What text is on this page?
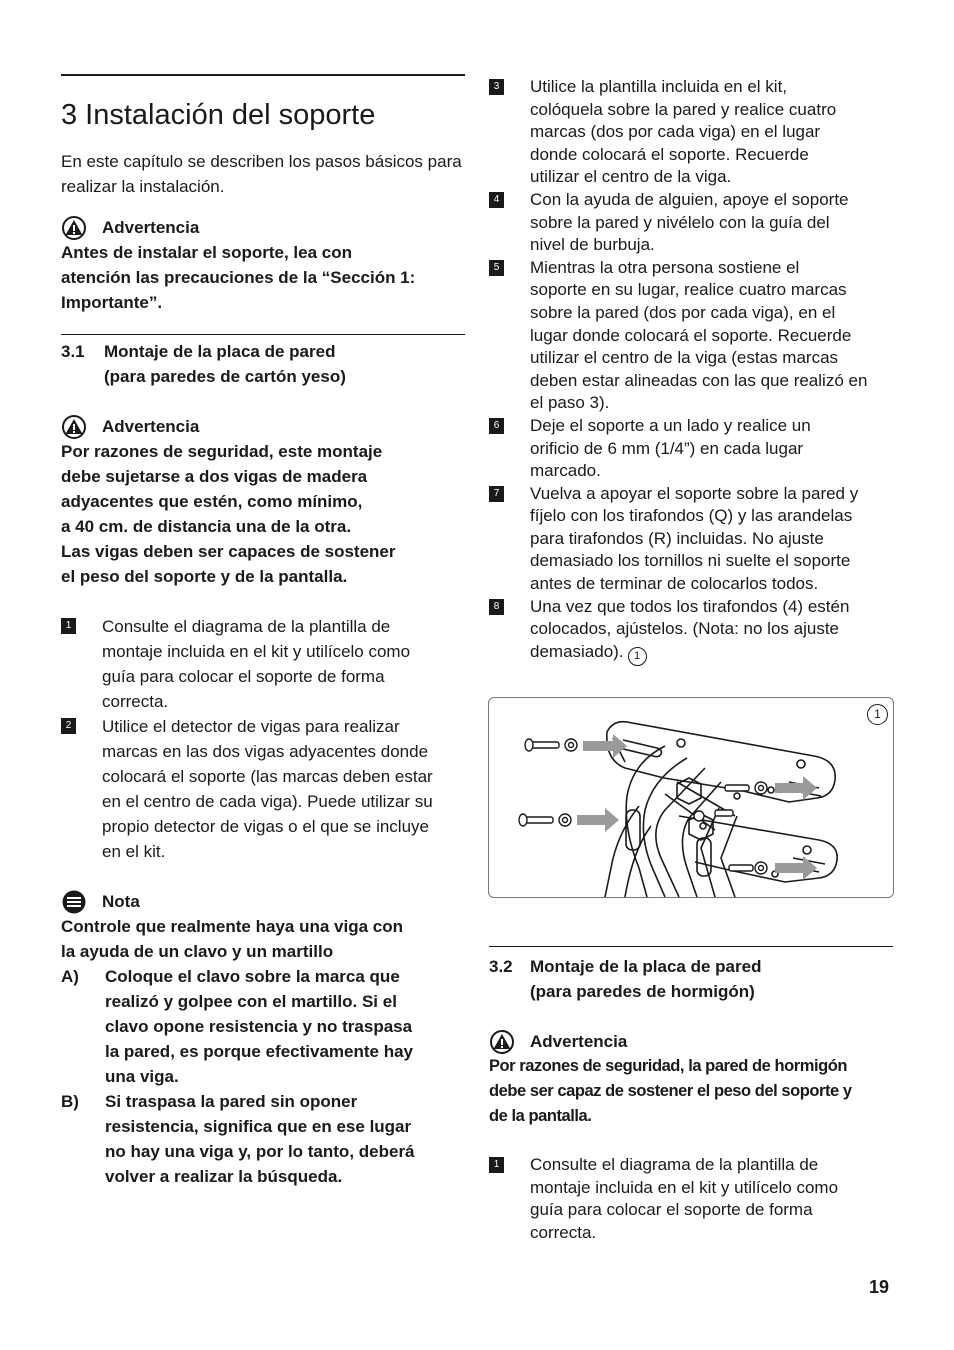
3 Instalación del soporte

En este capítulo se describen los pasos básicos para realizar la instalación.

Advertencia
Antes de instalar el soporte, lea con
atención las precauciones de la “Sección 1:
Importante”.
3.1	Montaje de la placa de pared
(para paredes de cartón yeso)
Advertencia
Por razones de seguridad, este montaje
debe sujetarse a dos vigas de madera
adyacentes que estén, como mínimo,
a 40 cm. de distancia una de la otra.
Las vigas deben ser capaces de sostener
el peso del soporte y de la pantalla.
1 Consulte el diagrama de la plantilla de
montaje incluida en el kit y utilícelo como
guía para colocar el soporte de forma
correcta.
2 Utilice el detector de vigas para realizar
marcas en las dos vigas adyacentes donde
colocará el soporte (las marcas deben estar
en el centro de cada viga). Puede utilizar su
propio detector de vigas o el que se incluye
en el kit.
Nota
Controle que realmente haya una viga con
la ayuda de un clavo y un martillo
A)	Coloque el clavo sobre la marca que
realizó y golpee con el martillo. Si el
clavo opone resistencia y no traspasa
la pared, es porque efectivamente hay
una viga.
B)	Si traspasa la pared sin oponer
resistencia, significa que en ese lugar
no hay una viga y, por lo tanto, deberá
volver a realizar la búsqueda.
3 Utilice la plantilla incluida en el kit,
colóquela sobre la pared y realice cuatro
marcas (dos por cada viga) en el lugar
donde colocará el soporte. Recuerde
utilizar el centro de la viga.
4 Con la ayuda de alguien, apoye el soporte
sobre la pared y nivélelo con la guía del
nivel de burbuja.
5 Mientras la otra persona sostiene el
soporte en su lugar, realice cuatro marcas
sobre la pared (dos por cada viga), en el
lugar donde colocará el soporte. Recuerde
utilizar el centro de la viga (estas marcas
deben estar alineadas con las que realizó en
el paso 3).
6 Deje el soporte a un lado y realice un
orificio de 6 mm (1/4”) en cada lugar
marcado.
7 Vuelva a apoyar el soporte sobre la pared y
fíjelo con los tirafondos (Q) y las arandelas
para tirafondos (R) incluidas. No ajuste
demasiado los tornillos ni suelte el soporte
antes de terminar de colocarlos todos.
8 Una vez que todos los tirafondos (4) estén
colocados, ajústelos. (Nota: no los ajuste
demasiado). 1
3.2	Montaje de la placa de pared
(para paredes de hormigón)
Advertencia
Por razones de seguridad, la pared de hormigón
debe ser capaz de sostener el peso del soporte y
de la pantalla.
1 Consulte el diagrama de la plantilla de
montaje incluida en el kit y utilícelo como
guía para colocar el soporte de forma
correcta.
1
19
